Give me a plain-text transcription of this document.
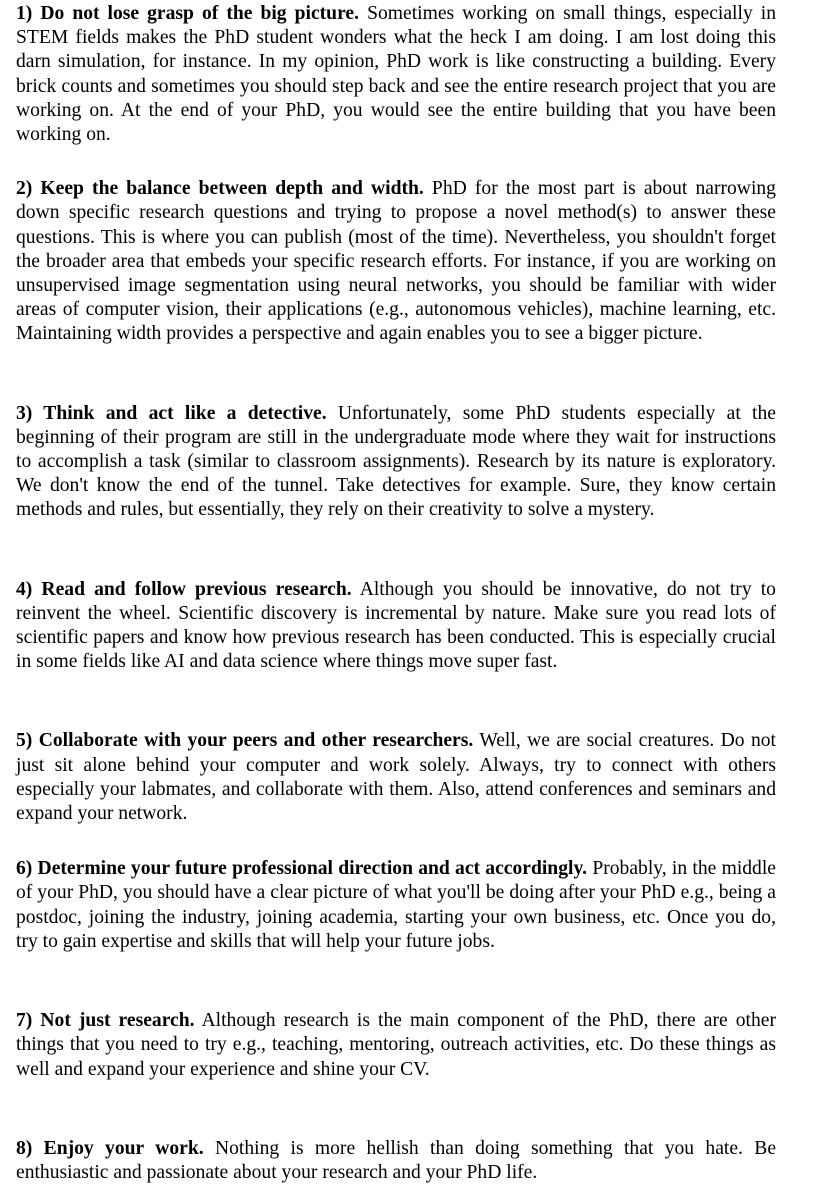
1) Do not lose grasp of the big picture. Sometimes working on small things, especially in STEM fields makes the PhD student wonders what the heck I am doing. I am lost doing this darn simulation, for instance. In my opinion, PhD work is like constructing a building. Every brick counts and sometimes you should step back and see the entire research project that you are working on. At the end of your PhD, you would see the entire building that you have been working on.

2) Keep the balance between depth and width. PhD for the most part is about narrowing down specific research questions and trying to propose a novel method(s) to answer these questions. This is where you can publish (most of the time). Nevertheless, you shouldn't forget the broader area that embeds your specific research efforts. For instance, if you are working on unsupervised image segmentation using neural networks, you should be familiar with wider areas of computer vision, their applications (e.g., autonomous vehicles), machine learning, etc. Maintaining width provides a perspective and again enables you to see a bigger picture.

3) Think and act like a detective. Unfortunately, some PhD students especially at the beginning of their program are still in the undergraduate mode where they wait for instructions to accomplish a task (similar to classroom assignments). Research by its nature is exploratory. We don't know the end of the tunnel. Take detectives for example. Sure, they know certain methods and rules, but essentially, they rely on their creativity to solve a mystery.

4) Read and follow previous research. Although you should be innovative, do not try to reinvent the wheel. Scientific discovery is incremental by nature. Make sure you read lots of scientific papers and know how previous research has been conducted. This is especially crucial in some fields like AI and data science where things move super fast.

5) Collaborate with your peers and other researchers. Well, we are social creatures. Do not just sit alone behind your computer and work solely. Always, try to connect with others especially your labmates, and collaborate with them. Also, attend conferences and seminars and expand your network.

6) Determine your future professional direction and act accordingly. Probably, in the middle of your PhD, you should have a clear picture of what you'll be doing after your PhD e.g., being a postdoc, joining the industry, joining academia, starting your own business, etc. Once you do, try to gain expertise and skills that will help your future jobs.

7) Not just research. Although research is the main component of the PhD, there are other things that you need to try e.g., teaching, mentoring, outreach activities, etc. Do these things as well and expand your experience and shine your CV.

8) Enjoy your work. Nothing is more hellish than doing something that you hate. Be enthusiastic and passionate about your research and your PhD life.
